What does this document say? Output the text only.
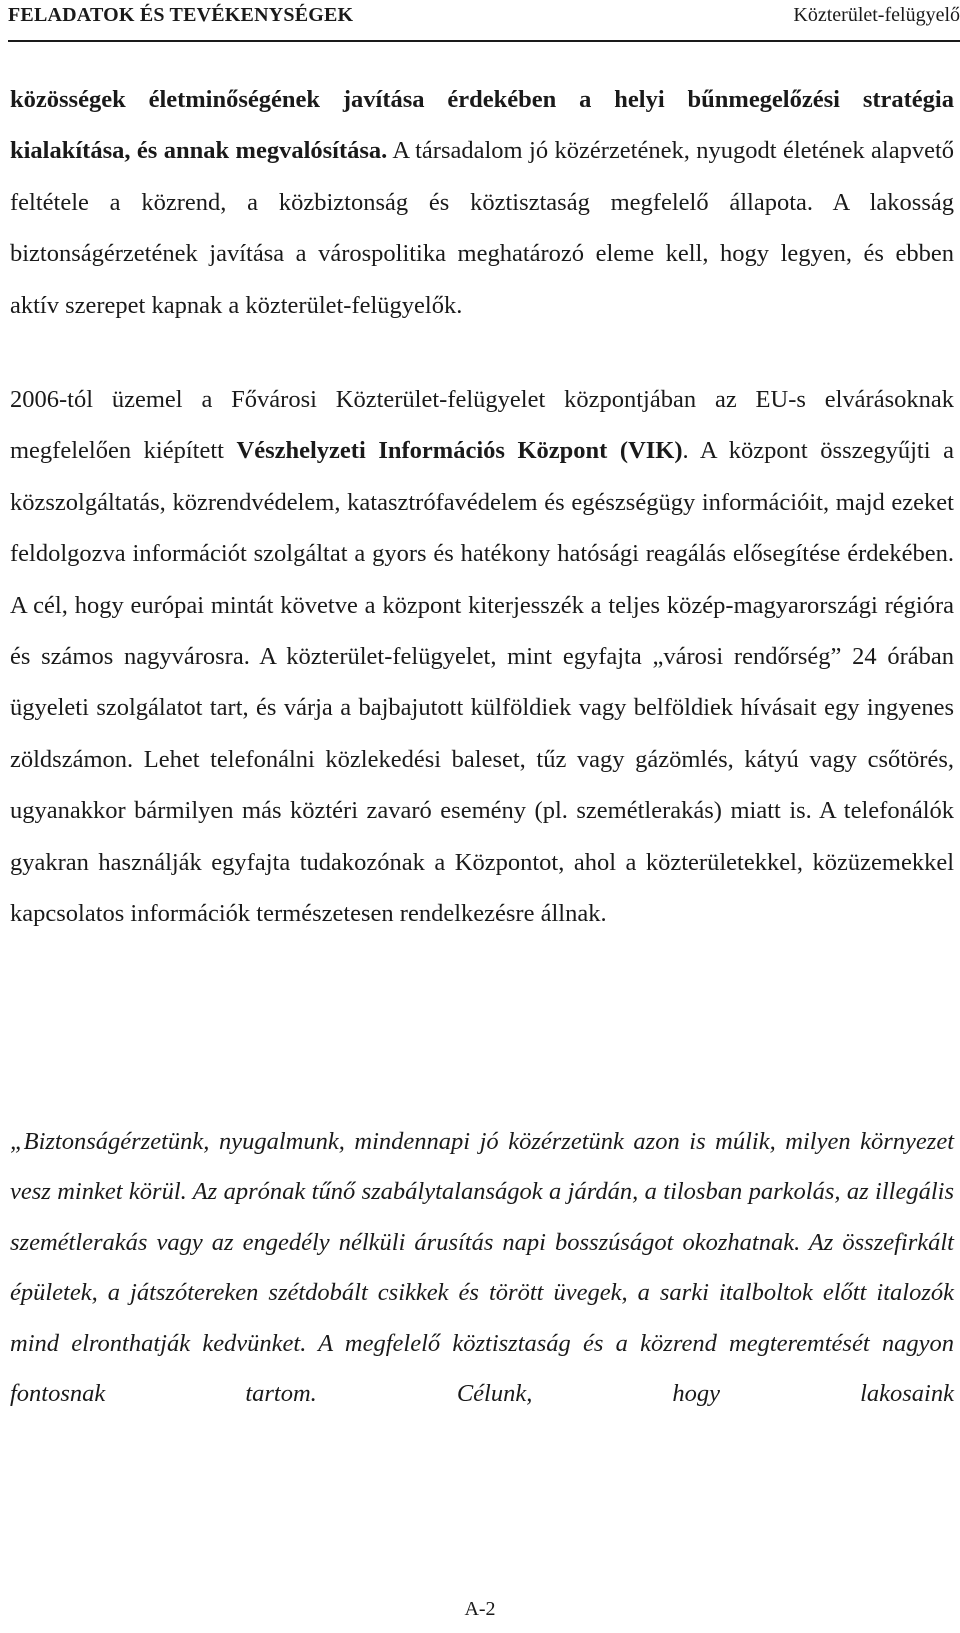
FELADATOK ÉS TEVÉKENYSÉGEK	Közterület-felügyelő

közösségek életminőségének javítása érdekében a helyi bűnmegelőzési stratégia kialakítása, és annak megvalósítása. A társadalom jó közérzetének, nyugodt életének alapvető feltétele a közrend, a közbiztonság és köztisztaság megfelelő állapota. A lakosság biztonságérzetének javítása a várospolitika meghatározó eleme kell, hogy legyen, és ebben aktív szerepet kapnak a közterület-felügyelők.

2006-tól üzemel a Fővárosi Közterület-felügyelet központjában az EU-s elvárásoknak megfelelően kiépített Vészhelyzeti Információs Központ (VIK). A központ összegyűjti a közszolgáltatás, közrendvédelem, katasztrófavédelem és egészségügy információit, majd ezeket feldolgozva információt szolgáltat a gyors és hatékony hatósági reagálás elősegítése érdekében. A cél, hogy európai mintát követve a központ kiterjesszék a teljes közép-magyarországi régióra és számos nagyvárosra. A közterület-felügyelet, mint egyfajta „városi rendőrség” 24 órában ügyeleti szolgálatot tart, és várja a bajbajutott külföldiek vagy belföldiek hívásait egy ingyenes zöldszámon. Lehet telefonálni közlekedési baleset, tűz vagy gázömlés, kátyú vagy csőtörés, ugyanakkor bármilyen más köztéri zavaró esemény (pl. szemétlerakás) miatt is. A telefonálók gyakran használják egyfajta tudakozónak a Központot, ahol a közterületekkel, közüzemekkel kapcsolatos információk természetesen rendelkezésre állnak.

„Biztonságérzetünk, nyugalmunk, mindennapi jó közérzetünk azon is múlik, milyen környezet vesz minket körül. Az aprónak tűnő szabálytalanságok a járdán, a tilosban parkolás, az illegális szemétlerakás vagy az engedély nélküli árusítás napi bosszúságot okozhatnak. Az összefirkált épületek, a játszótereken szétdobált csikkek és törött üvegek, a sarki italboltok előtt italozók mind elronthatják kedvünket. A megfelelő köztisztaság és a közrend megteremtését nagyon fontosnak tartom. Célunk, hogy lakosaink

A-2
